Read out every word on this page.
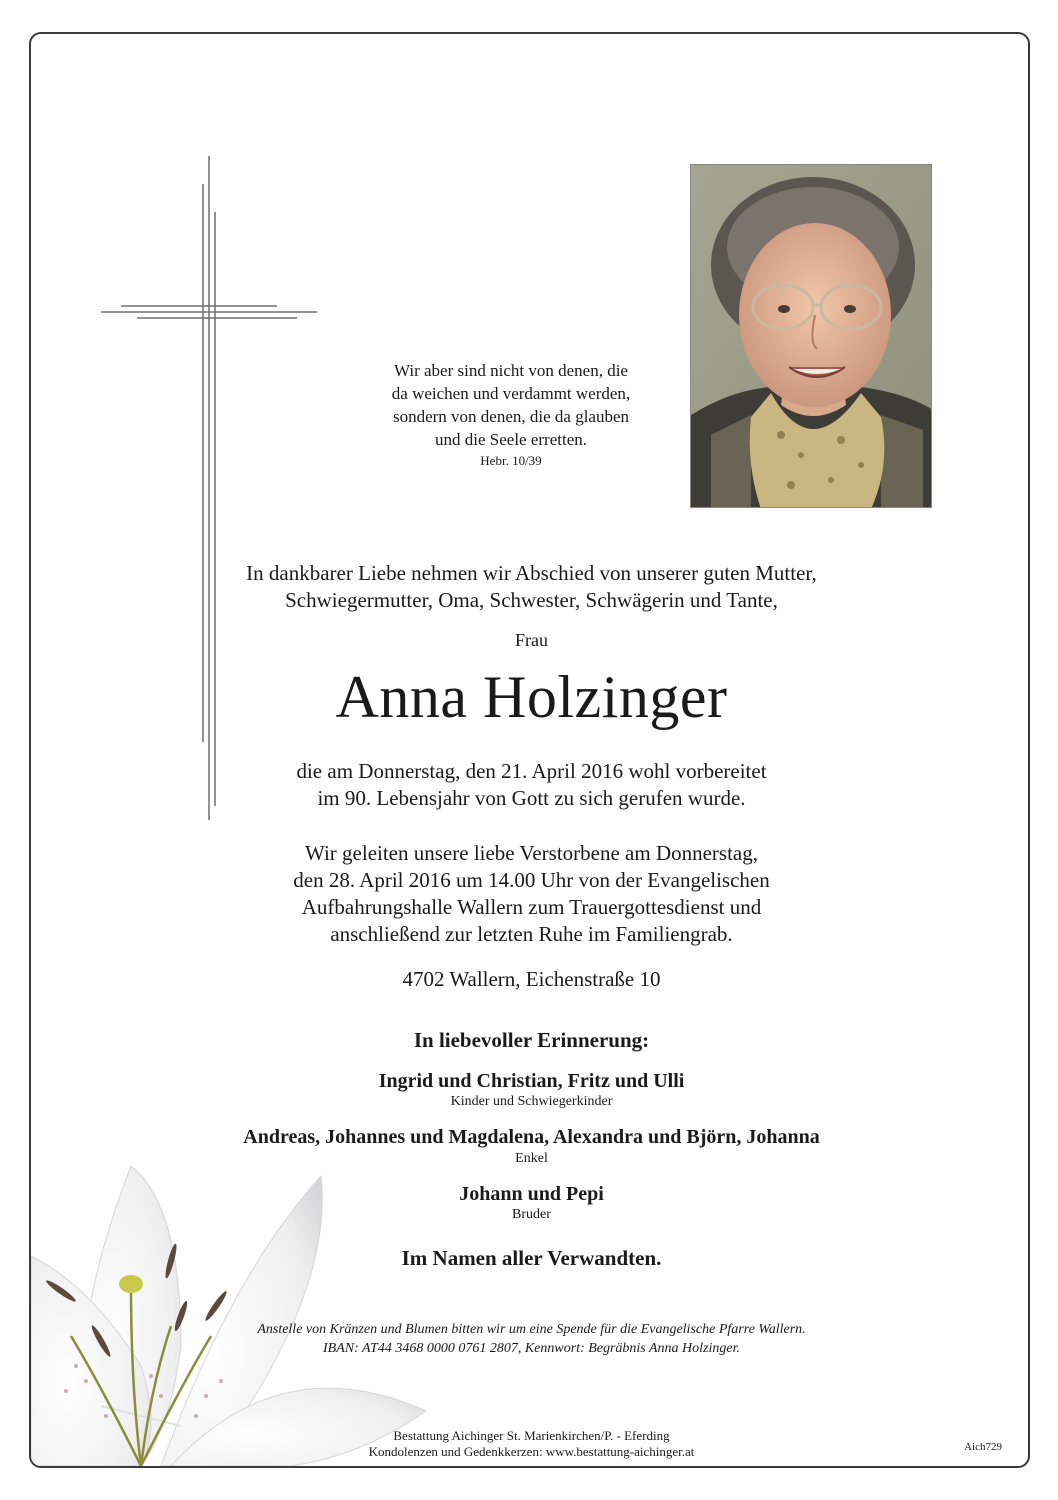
Wir aber sind nicht von denen, die
da weichen und verdammt werden,
sondern von denen, die da glauben
und die Seele erretten.
Hebr. 10/39
In dankbarer Liebe nehmen wir Abschied von unserer guten Mutter,
Schwiegermutter, Oma, Schwester, Schwägerin und Tante,
Frau
Anna Holzinger
die am Donnerstag, den 21. April 2016 wohl vorbereitet
im 90. Lebensjahr von Gott zu sich gerufen wurde.
Wir geleiten unsere liebe Verstorbene am Donnerstag,
den 28. April 2016 um 14.00 Uhr von der Evangelischen
Aufbahrungshalle Wallern zum Trauergottesdienst und
anschließend zur letzten Ruhe im Familiengrab.
4702 Wallern, Eichenstraße 10
In liebevoller Erinnerung:
Ingrid und Christian, Fritz und Ulli
Kinder und Schwiegerkinder
Andreas, Johannes und Magdalena, Alexandra und Björn, Johanna
Enkel
Johann und Pepi
Bruder
Im Namen aller Verwandten.
Anstelle von Kränzen und Blumen bitten wir um eine Spende für die Evangelische Pfarre Wallern.
IBAN: AT44 3468 0000 0761 2807, Kennwort: Begräbnis Anna Holzinger.
Bestattung Aichinger St. Marienkirchen/P. - Eferding
Kondolenzen und Gedenkkerzen: www.bestattung-aichinger.at	Aich729
